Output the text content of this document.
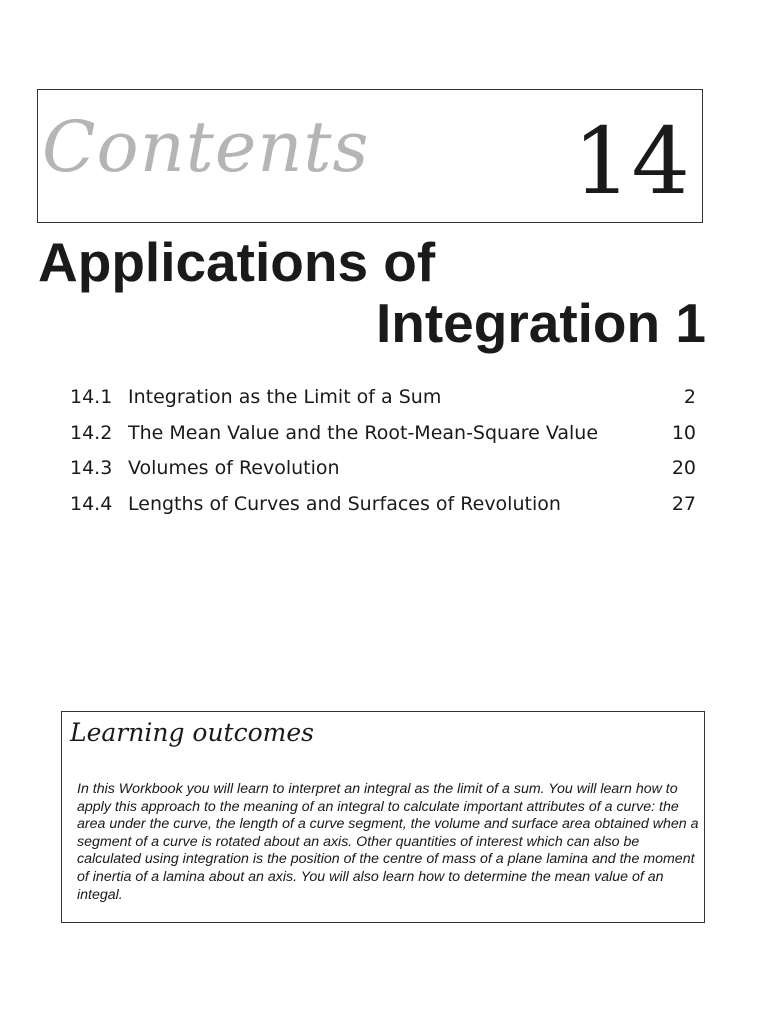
Contents 14
Applications of
Integration 1
14.1 Integration as the Limit of a Sum	2
14.2 The Mean Value and the Root-Mean-Square Value	10
14.3 Volumes of Revolution	20
14.4 Lengths of Curves and Surfaces of Revolution	27
Learning outcomes
In this Workbook you will learn to interpret an integral as the limit of a sum. You will learn how to apply this approach to the meaning of an integral to calculate important attributes of a curve: the area under the curve, the length of a curve segment, the volume and surface area obtained when a segment of a curve is rotated about an axis. Other quantities of interest which can also be calculated using integration is the position of the centre of mass of a plane lamina and the moment of inertia of a lamina about an axis. You will also learn how to determine the mean value of an integal.
